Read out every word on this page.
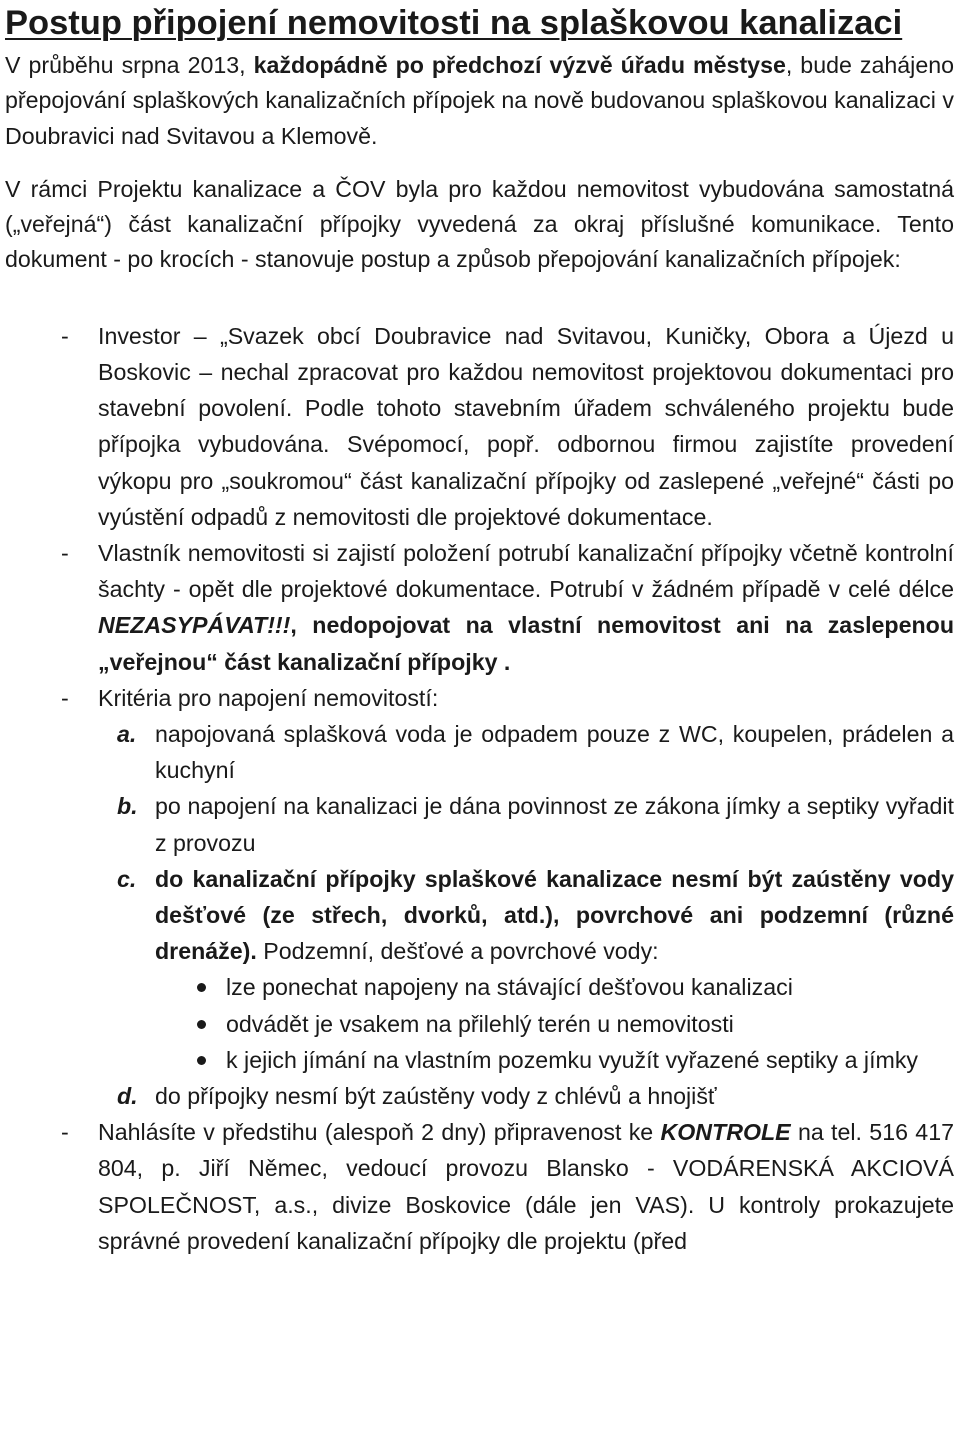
Postup připojení nemovitosti na splaškovou kanalizaci

V průběhu srpna 2013, každopádně po předchozí výzvě úřadu městyse, bude zahájeno přepojování splaškových kanalizačních přípojek na nově budovanou splaškovou kanalizaci v Doubravici nad Svitavou a Klemově.

V rámci Projektu kanalizace a ČOV byla pro každou nemovitost vybudována samostatná („veřejná“) část kanalizační přípojky vyvedená za okraj příslušné komunikace. Tento dokument - po krocích - stanovuje postup a způsob přepojování kanalizačních přípojek:

- Investor – „Svazek obcí Doubravice nad Svitavou, Kuničky, Obora a Újezd u Boskovic – nechal zpracovat pro každou nemovitost projektovou dokumentaci pro stavební povolení. Podle tohoto stavebním úřadem schváleného projektu bude přípojka vybudována. Svépomocí, popř. odbornou firmou zajistíte provedení výkopu pro „soukromou“ část kanalizační přípojky od zaslepené „veřejné“ části po vyústění odpadů z nemovitosti dle projektové dokumentace.
- Vlastník nemovitosti si zajistí položení potrubí kanalizační přípojky včetně kontrolní šachty - opět dle projektové dokumentace. Potrubí v žádném případě v celé délce NEZASYPÁVAT!!!, nedopojovat na vlastní nemovitost ani na zaslepenou „veřejnou“ část kanalizační přípojky .
- Kritéria pro napojení nemovitostí:
a. napojovaná splašková voda je odpadem pouze z WC, koupelen, prádelen a kuchyní
b. po napojení na kanalizaci je dána povinnost ze zákona jímky a septiky vyřadit z provozu
c. do kanalizační přípojky splaškové kanalizace nesmí být zaústěny vody dešťové (ze střech, dvorků, atd.), povrchové ani podzemní (různé drenáže). Podzemní, dešťové a povrchové vody:
lze ponechat napojeny na stávající dešťovou kanalizaci
odvádět je vsakem na přilehlý terén u nemovitosti
k jejich jímání na vlastním pozemku využít vyřazené septiky a jímky
d. do přípojky nesmí být zaústěny vody z chlévů a hnojišť
- Nahlásíte v předstihu (alespoň 2 dny) připravenost ke KONTROLE na tel. 516 417 804, p. Jiří Němec, vedoucí provozu Blansko - VODÁRENSKÁ AKCIOVÁ SPOLEČNOST, a.s., divize Boskovice (dále jen VAS). U kontroly prokazujete správné provedení kanalizační přípojky dle projektu (před
